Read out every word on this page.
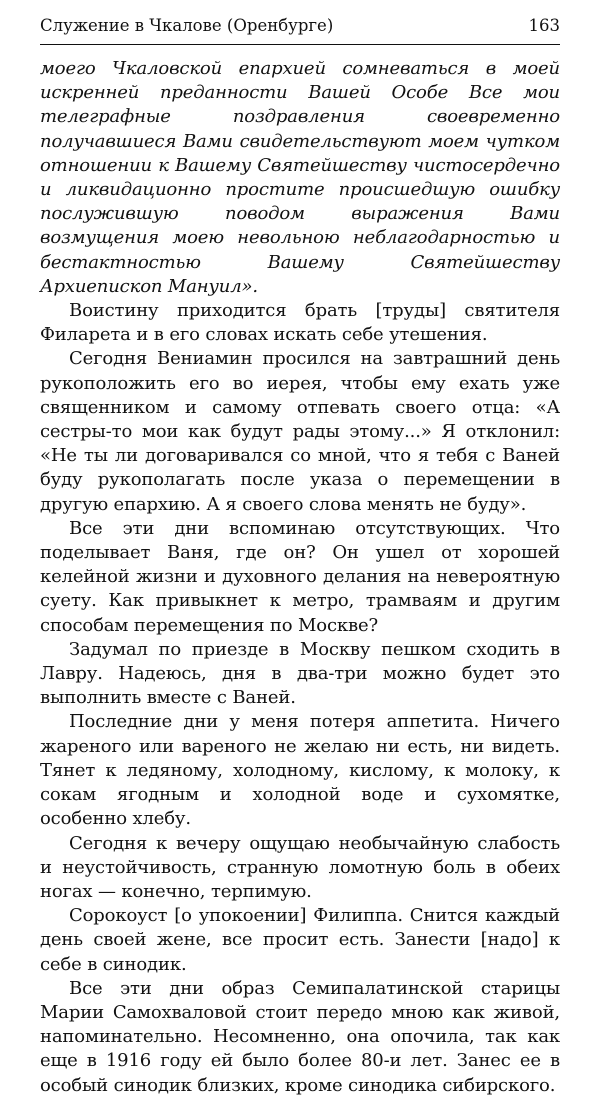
Служение в Чкалове (Оренбурге)	163

моего Чкаловской епархией сомневаться в моей искренней преданности Вашей Особе Все мои телеграфные поздравления своевременно получавшиеся Вами свидетельствуют моем чутком отношении к Вашему Святейшеству чистосердечно и ликвидационно простите происшедшую ошибку послужившую поводом выражения Вами возмущения моею невольною неблагодарностью и бестактностью Вашему Святейшеству Архиепископ Мануил».

Воистину приходится брать [труды] святителя Филарета и в его словах искать себе утешения.

Сегодня Вениамин просился на завтрашний день рукоположить его во иерея, чтобы ему ехать уже священником и самому отпевать своего отца: «А сестры-то мои как будут рады этому...» Я отклонил: «Не ты ли договаривался со мной, что я тебя с Ваней буду рукополагать после указа о перемещении в другую епархию. А я своего слова менять не буду».

Все эти дни вспоминаю отсутствующих. Что поделывает Ваня, где он? Он ушел от хорошей келейной жизни и духовного делания на невероятную суету. Как привыкнет к метро, трамваям и другим способам перемещения по Москве?

Задумал по приезде в Москву пешком сходить в Лавру. Надеюсь, дня в два-три можно будет это выполнить вместе с Ваней.

Последние дни у меня потеря аппетита. Ничего жареного или вареного не желаю ни есть, ни видеть. Тянет к ледяному, холодному, кислому, к молоку, к сокам ягодным и холодной воде и сухомятке, особенно хлебу.

Сегодня к вечеру ощущаю необычайную слабость и неустойчивость, странную ломотную боль в обеих ногах — конечно, терпимую.

Сорокоуст [о упокоении] Филиппа. Снится каждый день своей жене, все просит есть. Занести [надо] к себе в синодик.

Все эти дни образ Семипалатинской старицы Марии Самохваловой стоит передо мною как живой, напоминательно. Несомненно, она опочила, так как еще в 1916 году ей было более 80-и лет. Занес ее в особый синодик близких, кроме синодика сибирского.
